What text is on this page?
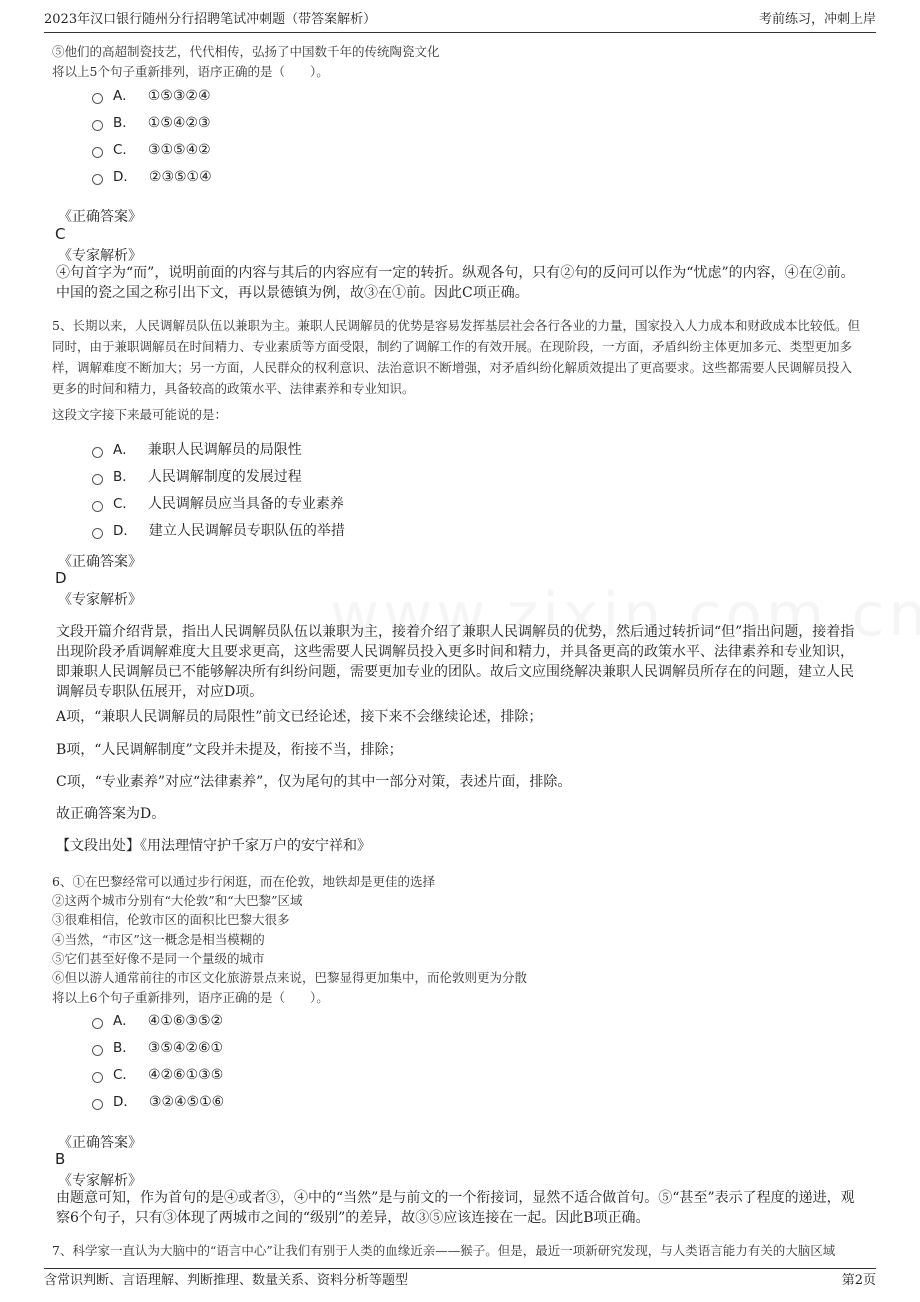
2023年汉口银行随州分行招聘笔试冲刺题（带答案解析）	考前练习，冲刺上岸
⑤他们的高超制瓷技艺，代代相传，弘扬了中国数千年的传统陶瓷文化
将以上5个句子重新排列，语序正确的是（　　）。
A． ①⑤③②④
B． ①⑤④②③
C． ③①⑤④②
D． ②③⑤①④
《正确答案》
C
《专家解析》
④句首字为“而”，说明前面的内容与其后的内容应有一定的转折。纵观各句，只有②句的反问可以作为“忧虑”的内容，④在②前。中国的瓷之国之称引出下文，再以景德镇为例，故③在①前。因此C项正确。
5、长期以来，人民调解员队伍以兼职为主。兼职人民调解员的优势是容易发挥基层社会各行各业的力量，国家投入人力成本和财政成本比较低。但同时，由于兼职调解员在时间精力、专业素质等方面受限，制约了调解工作的有效开展。在现阶段，一方面，矛盾纠纷主体更加多元、类型更加多样，调解难度不断加大；另一方面，人民群众的权利意识、法治意识不断增强，对矛盾纠纷化解质效提出了更高要求。这些都需要人民调解员投入更多的时间和精力，具备较高的政策水平、法律素养和专业知识。
这段文字接下来最可能说的是：
A． 兼职人民调解员的局限性
B． 人民调解制度的发展过程
C． 人民调解员应当具备的专业素养
D． 建立人民调解员专职队伍的举措
《正确答案》
D
《专家解析》
文段开篇介绍背景，指出人民调解员队伍以兼职为主，接着介绍了兼职人民调解员的优势，然后通过转折词“但”指出问题，接着指出现阶段矛盾调解难度大且要求更高，这些需要人民调解员投入更多时间和精力，并具备更高的政策水平、法律素养和专业知识，即兼职人民调解员已不能够解决所有纠纷问题，需要更加专业的团队。故后文应围绕解决兼职人民调解员所存在的问题，建立人民调解员专职队伍展开，对应D项。
A项，“兼职人民调解员的局限性”前文已经论述，接下来不会继续论述，排除；
B项，“人民调解制度”文段并未提及，衔接不当，排除；
C项，“专业素养”对应“法律素养”，仅为尾句的其中一部分对策，表述片面，排除。
故正确答案为D。
【文段出处】《用法理情守护千家万户的安宁祥和》
6、①在巴黎经常可以通过步行闲逛，而在伦敦，地铁却是更佳的选择
②这两个城市分别有“大伦敦”和“大巴黎”区域
③很难相信，伦敦市区的面积比巴黎大很多
④当然，“市区”这一概念是相当模糊的
⑤它们甚至好像不是同一个量级的城市
⑥但以游人通常前往的市区文化旅游景点来说，巴黎显得更加集中，而伦敦则更为分散
将以上6个句子重新排列，语序正确的是（　　）。
A． ④①⑥③⑤②
B． ③⑤④②⑥①
C． ④②⑥①③⑤
D． ③②④⑤①⑥
《正确答案》
B
《专家解析》
由题意可知，作为首句的是④或者③，④中的“当然”是与前文的一个衔接词，显然不适合做首句。⑤“甚至”表示了程度的递进，观察6个句子，只有③体现了两城市之间的“级别”的差异，故③⑤应该连接在一起。因此B项正确。
7、科学家一直认为大脑中的“语言中心”让我们有别于人类的血缘近亲——猴子。但是，最近一项新研究发现，与人类语言能力有关的大脑区域
含常识判断、言语理解、判断推理、数量关系、资料分析等题型	第2页
